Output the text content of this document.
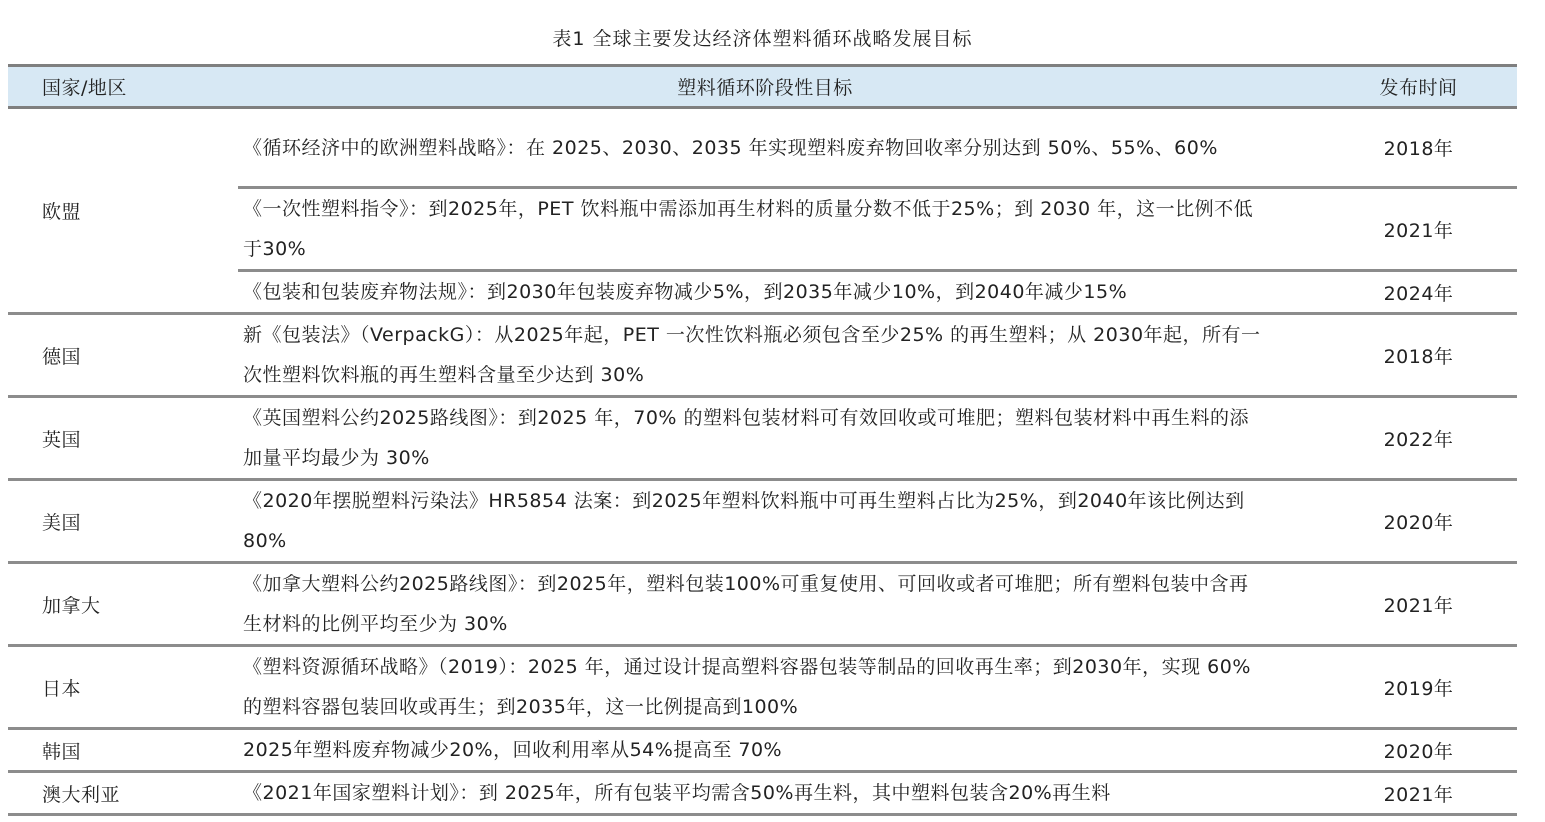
表1 全球主要发达经济体塑料循环战略发展目标
国家/地区	塑料循环阶段性目标	发布时间
欧盟	《循环经济中的欧洲塑料战略》：在 2025、2030、2035 年实现塑料废弃物回收率分别达到 50%、55%、60%	2018年
	《一次性塑料指令》：到2025年，PET 饮料瓶中需添加再生材料的质量分数不低于25%；到 2030 年，这一比例不低于30%	2021年
	《包装和包装废弃物法规》：到2030年包装废弃物减少5%，到2035年减少10%，到2040年减少15%	2024年
德国	新《包装法》（VerpackG）：从2025年起，PET 一次性饮料瓶必须包含至少25% 的再生塑料；从 2030年起，所有一次性塑料饮料瓶的再生塑料含量至少达到 30%	2018年
英国	《英国塑料公约2025路线图》：到2025 年，70% 的塑料包装材料可有效回收或可堆肥；塑料包装材料中再生料的添加量平均最少为 30%	2022年
美国	《2020年摆脱塑料污染法》HR5854 法案：到2025年塑料饮料瓶中可再生塑料占比为25%，到2040年该比例达到80%	2020年
加拿大	《加拿大塑料公约2025路线图》：到2025年，塑料包装100%可重复使用、可回收或者可堆肥；所有塑料包装中含再生材料的比例平均至少为 30%	2021年
日本	《塑料资源循环战略》（2019）：2025 年，通过设计提高塑料容器包装等制品的回收再生率；到2030年，实现 60% 的塑料容器包装回收或再生；到2035年，这一比例提高到100%	2019年
韩国	2025年塑料废弃物减少20%，回收利用率从54%提高至 70%	2020年
澳大利亚	《2021年国家塑料计划》：到 2025年，所有包装平均需含50%再生料，其中塑料包装含20%再生料	2021年
